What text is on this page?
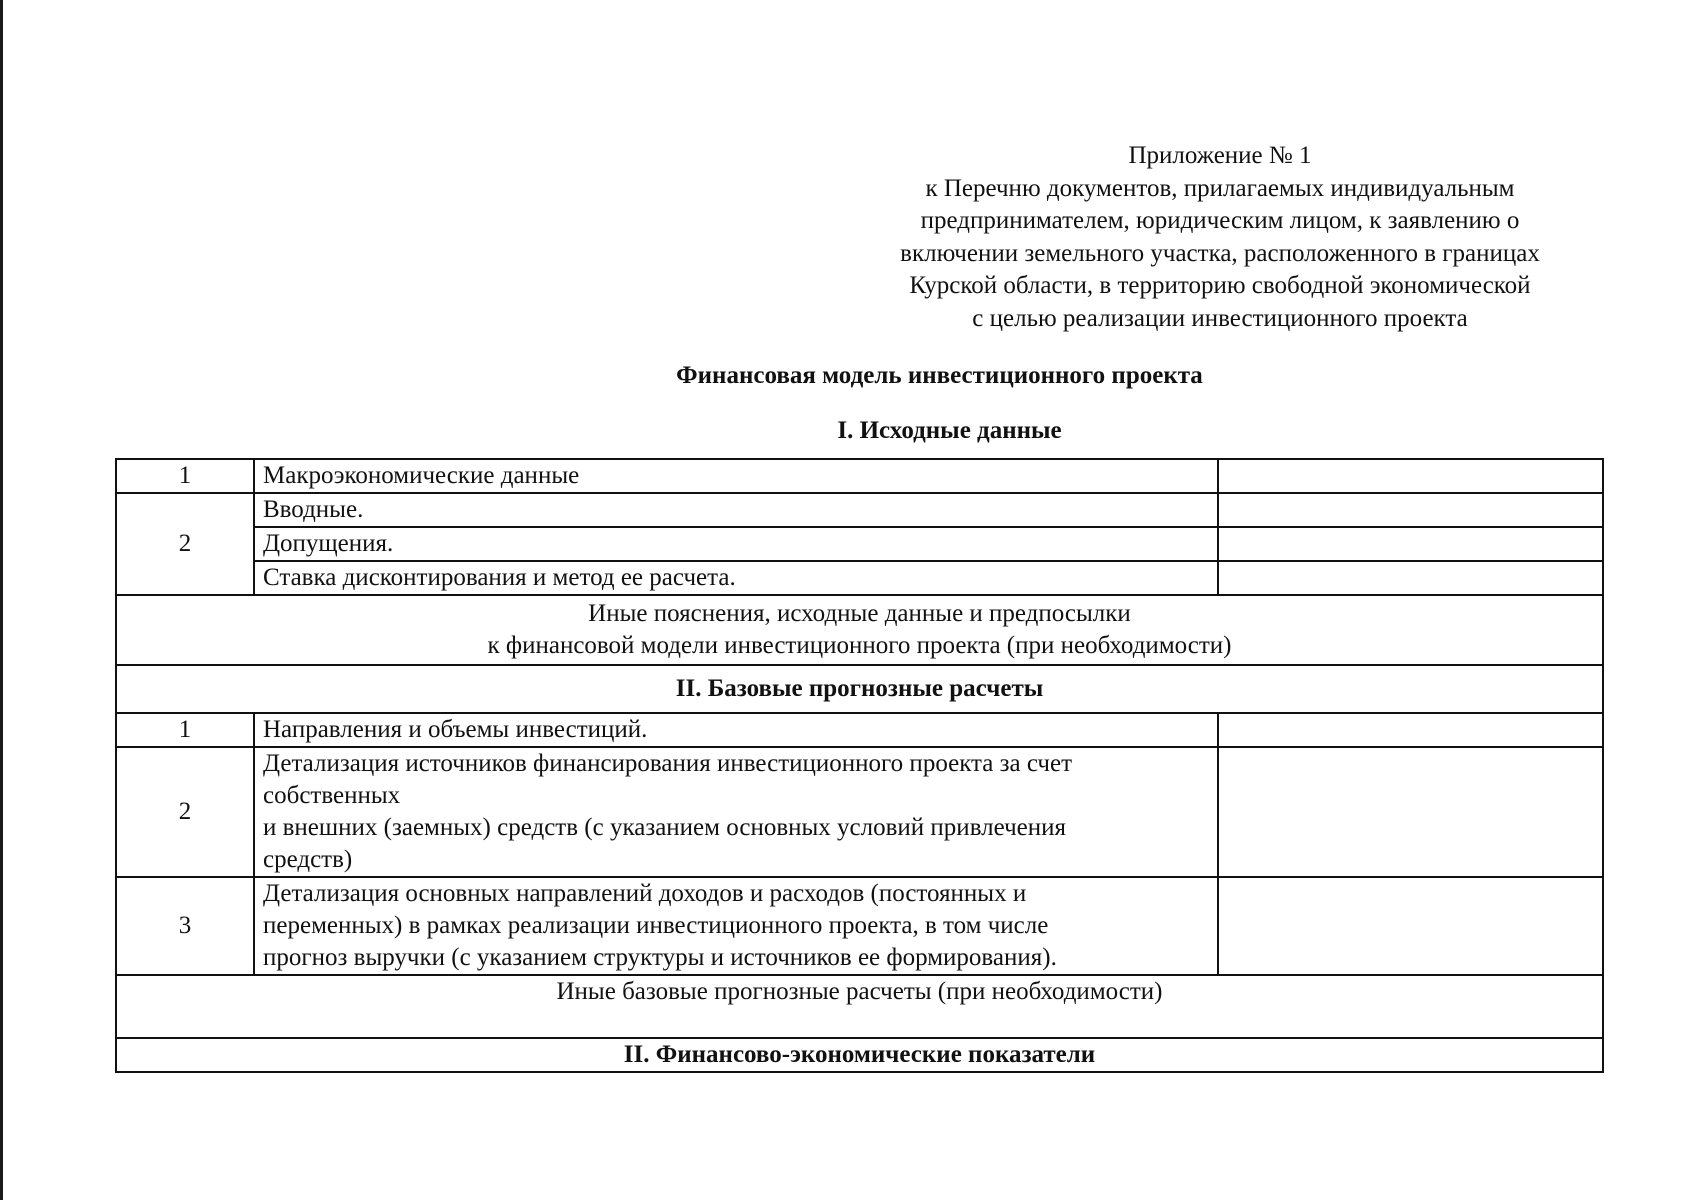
Приложение № 1
к Перечню документов, прилагаемых индивидуальным
предпринимателем, юридическим лицом, к заявлению о
включении земельного участка, расположенного в границах
Курской области, в территорию свободной экономической
с целью реализации инвестиционного проекта
Финансовая модель инвестиционного проекта
I. Исходные данные
1	Макроэкономические данные	
2	Вводные.	
	Допущения.	
	Ставка дисконтирования и метод ее расчета.	

Иные пояснения, исходные данные и предпосылки
к финансовой модели инвестиционного проекта (при необходимости)		

II. Базовые прогнозные расчеты		
1	Направления и объемы инвестиций.	
2	Детализация источников финансирования инвестиционного проекта за счет
собственных
и внешних (заемных) средств (с указанием основных условий привлечения
средств)	

3	Детализация основных направлений доходов и расходов (постоянных и
переменных) в рамках реализации инвестиционного проекта, в том числе
прогноз выручки (с указанием структуры и источников ее формирования).	

Иные базовые прогнозные расчеты (при необходимости)		
II. Финансово-экономические показатели		
